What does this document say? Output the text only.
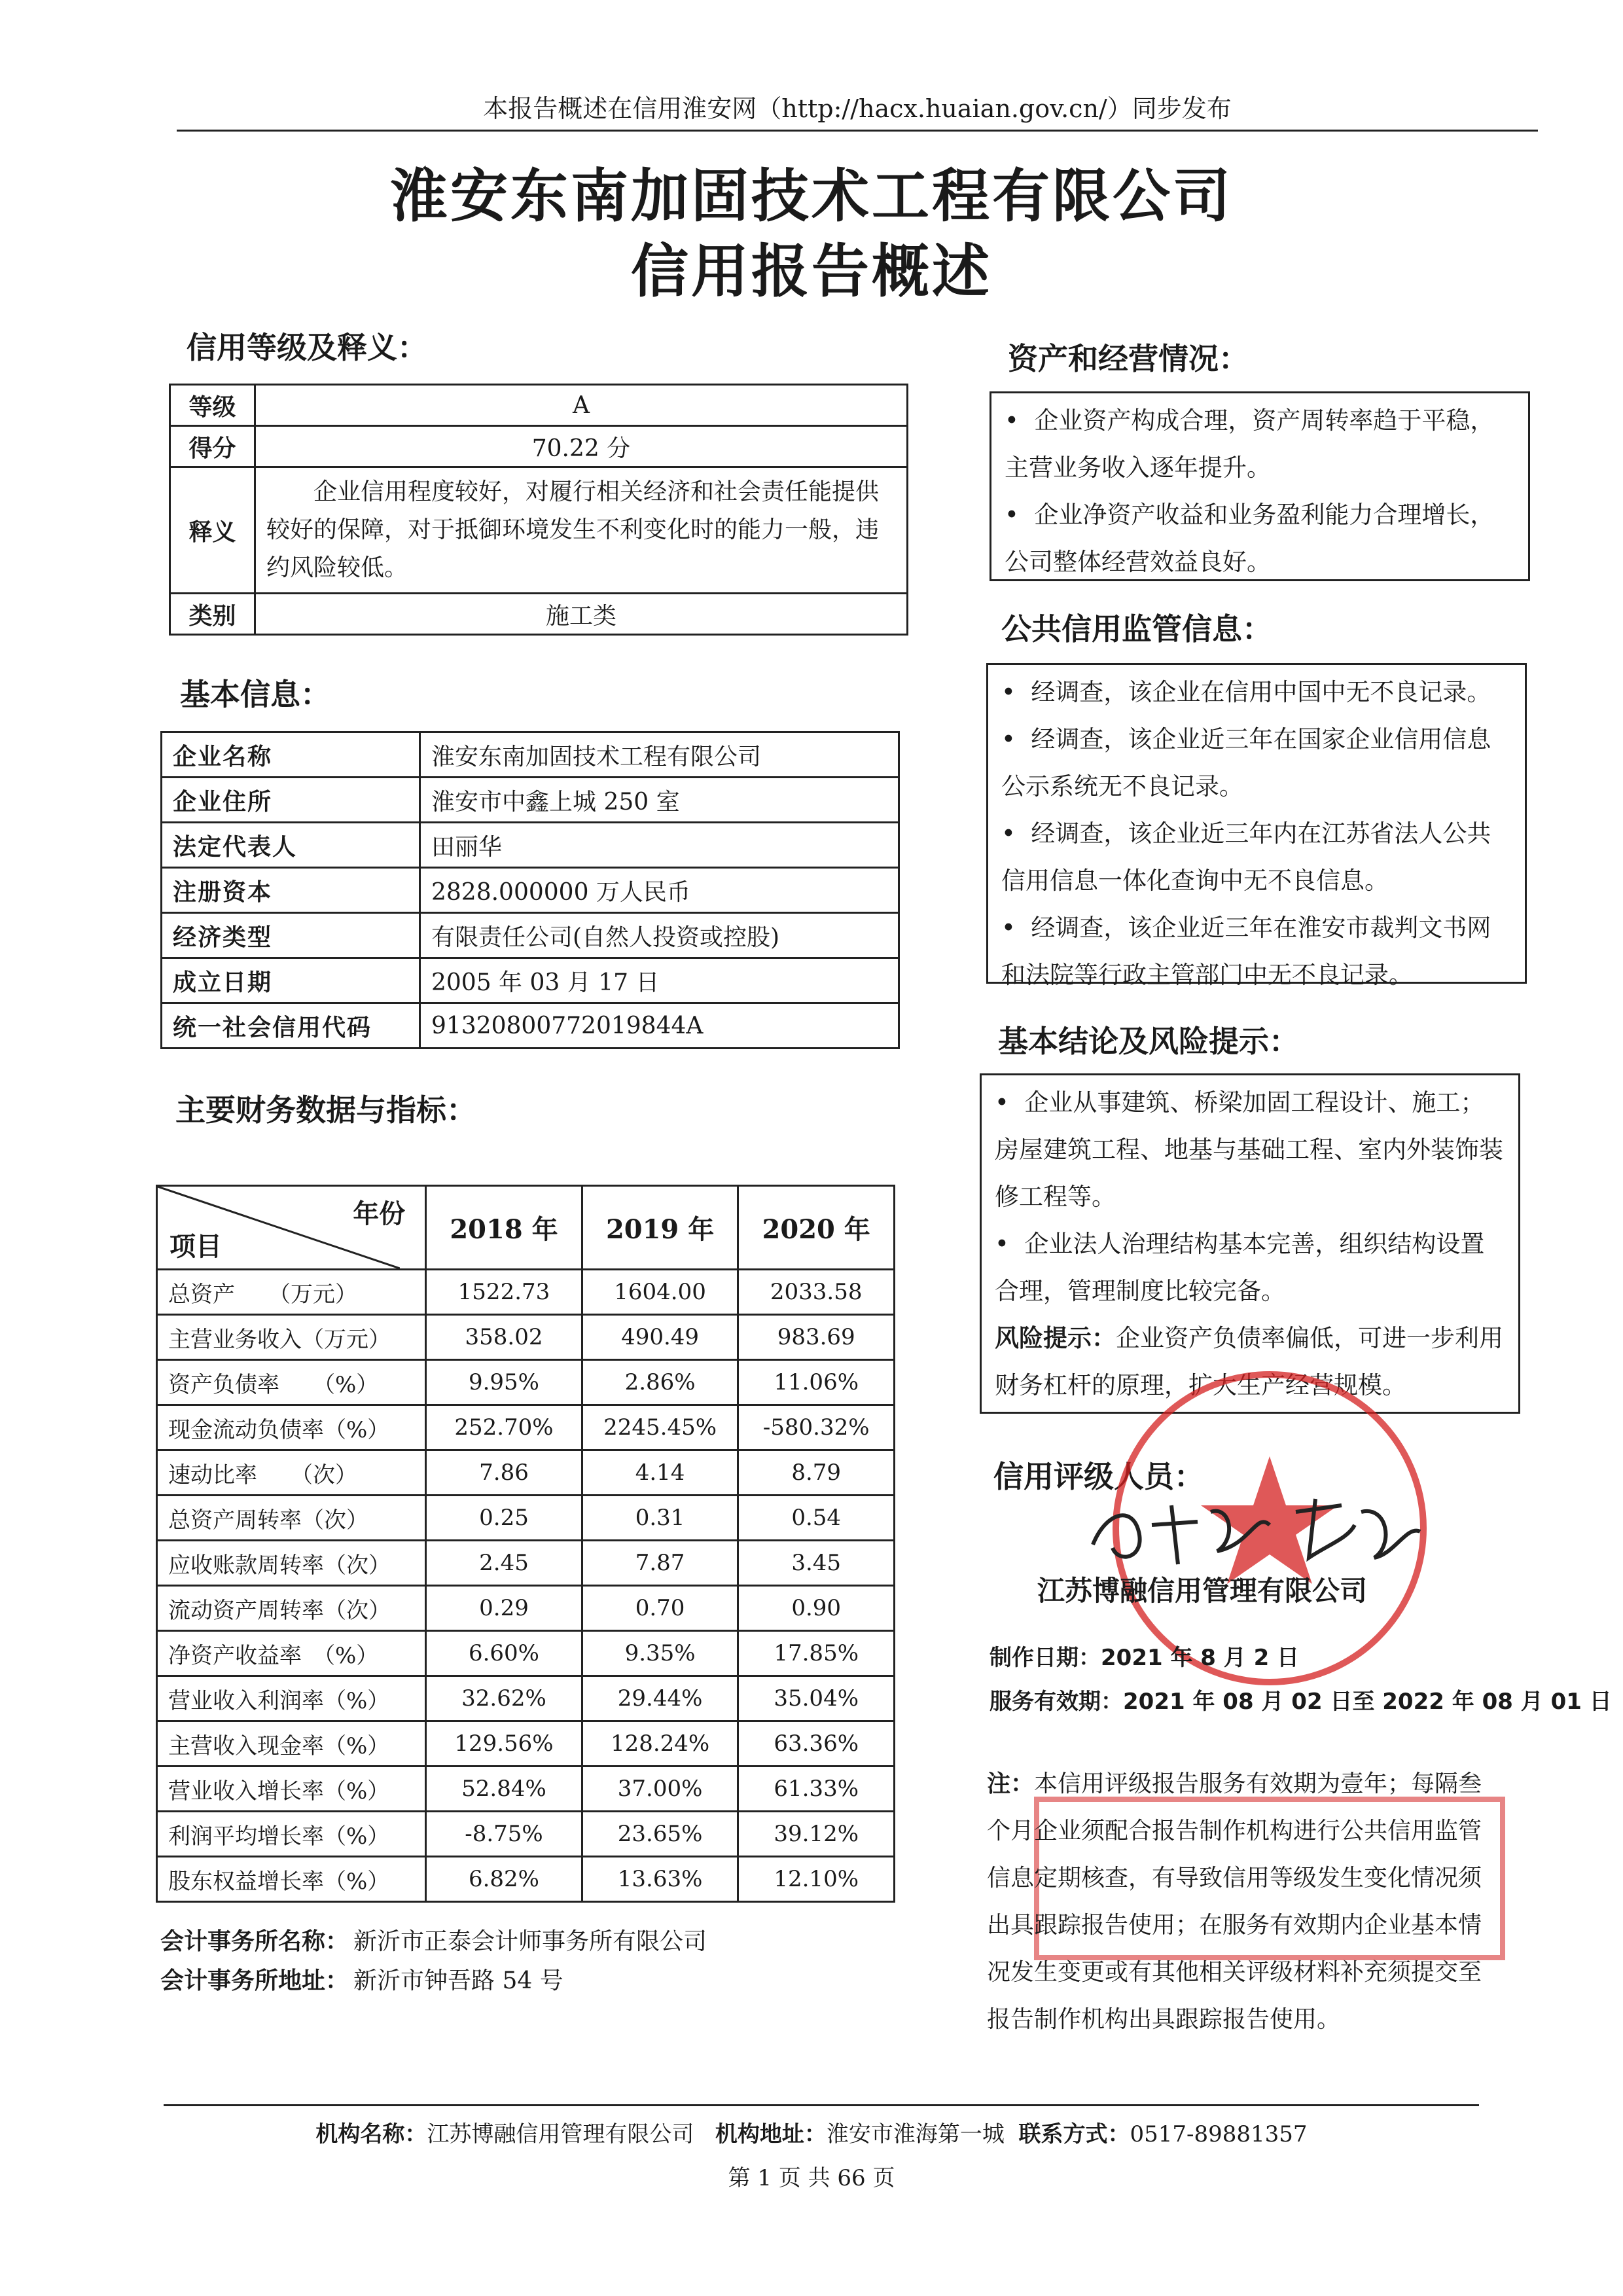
本报告概述在信用淮安网（http://hacx.huaian.gov.cn/）同步发布
淮安东南加固技术工程有限公司
信用报告概述
信用等级及释义：
等级	A
得分	70.22 分
释义	企业信用程度较好，对履行相关经济和社会责任能提供较好的保障，对于抵御环境发生不利变化时的能力一般，违约风险较低。
类别	施工类
基本信息：
企业名称	淮安东南加固技术工程有限公司
企业住所	淮安市中鑫上城 250 室
法定代表人	田丽华
注册资本	2828.000000 万人民币
经济类型	有限责任公司(自然人投资或控股)
成立日期	2005 年 03 月 17 日
统一社会信用代码	91320800772019844A
主要财务数据与指标：
年份
项目	2018 年	2019 年	2020 年
总资产　　（万元）	1522.73	1604.00	2033.58
主营业务收入（万元）	358.02	490.49	983.69
资产负债率　　（%）	9.95%	2.86%	11.06%
现金流动负债率（%）	252.70%	2245.45%	-580.32%
速动比率　　（次）	7.86	4.14	8.79
总资产周转率（次）	0.25	0.31	0.54
应收账款周转率（次）	2.45	7.87	3.45
流动资产周转率（次）	0.29	0.70	0.90
净资产收益率　（%）	6.60%	9.35%	17.85%
营业收入利润率（%）	32.62%	29.44%	35.04%
主营收入现金率（%）	129.56%	128.24%	63.36%
营业收入增长率（%）	52.84%	37.00%	61.33%
利润平均增长率（%）	-8.75%	23.65%	39.12%
股东权益增长率（%）	6.82%	13.63%	12.10%
会计事务所名称： 新沂市正泰会计师事务所有限公司
会计事务所地址： 新沂市钟吾路 54 号
资产和经营情况：

•  企业资产构成合理，资产周转率趋于平稳，主营业务收入逐年提升。

•  企业净资产收益和业务盈利能力合理增长，公司整体经营效益良好。

公共信用监管信息：

•  经调查，该企业在信用中国中无不良记录。

•  经调查，该企业近三年在国家企业信用信息公示系统无不良记录。

•  经调查，该企业近三年内在江苏省法人公共信用信息一体化查询中无不良信息。

•  经调查，该企业近三年在淮安市裁判文书网和法院等行政主管部门中无不良记录。

基本结论及风险提示：

•  企业从事建筑、桥梁加固工程设计、施工；房屋建筑工程、地基与基础工程、室内外装饰装修工程等。

•  企业法人治理结构基本完善，组织结构设置合理，管理制度比较完备。

风险提示：企业资产负债率偏低，可进一步利用财务杠杆的原理，扩大生产经营规模。

信用评级人员：
江苏博融信用管理有限公司
制作日期：2021 年 8 月 2 日
服务有效期：2021 年 08 月 02 日至 2022 年 08 月 01 日
注：本信用评级报告服务有效期为壹年；每隔叁个月企业须配合报告制作机构进行公共信用监管信息定期核查，有导致信用等级发生变化情况须出具跟踪报告使用；在服务有效期内企业基本情况发生变更或有其他相关评级材料补充须提交至报告制作机构出具跟踪报告使用。
机构名称：江苏博融信用管理有限公司 机构地址：淮安市淮海第一城 联系方式：0517-89881357
第 1 页 共 66 页
